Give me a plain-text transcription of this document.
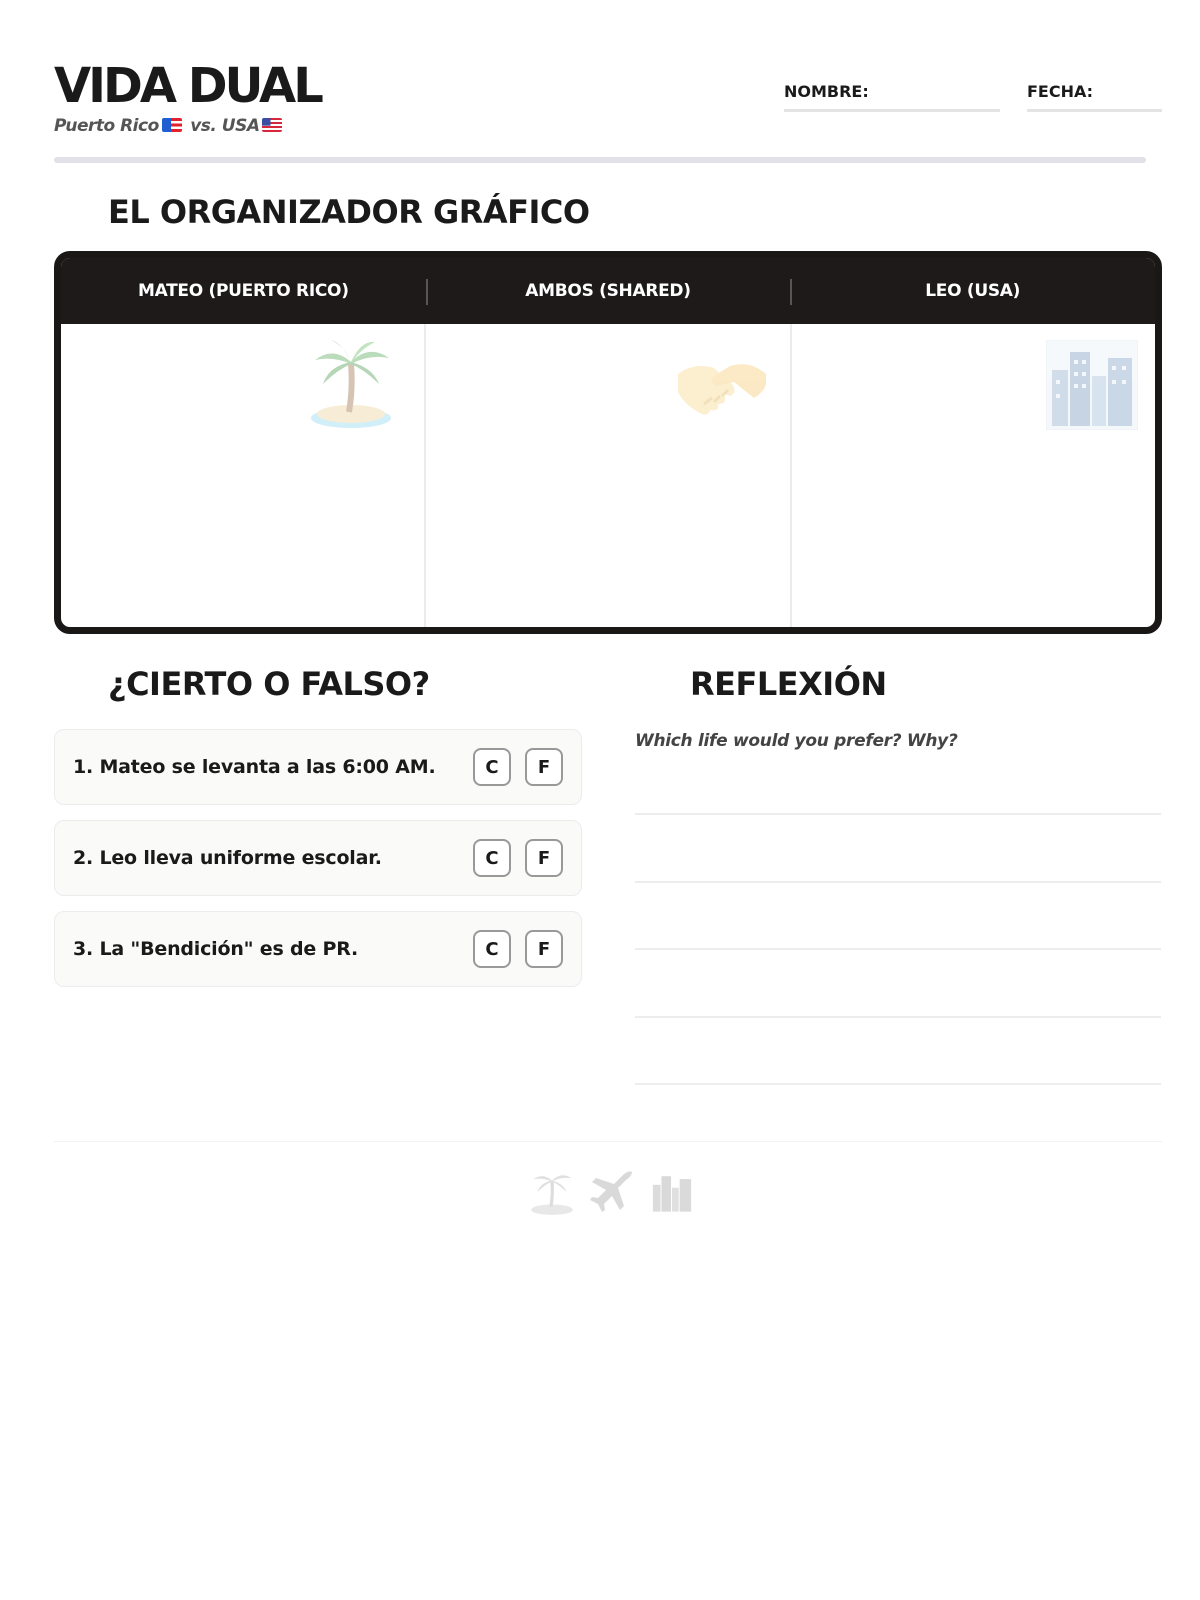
VIDA DUAL
Puerto Rico vs. USA
NOMBRE:	FECHA:
EL ORGANIZADOR GRÁFICO
MATEO (PUERTO RICO)	AMBOS (SHARED)	LEO (USA)
¿CIERTO O FALSO?
1. Mateo se levanta a las 6:00 AM.	C	F
2. Leo lleva uniforme escolar.	C	F
3. La "Bendición" es de PR.	C	F
REFLEXIÓN
Which life would you prefer? Why?
